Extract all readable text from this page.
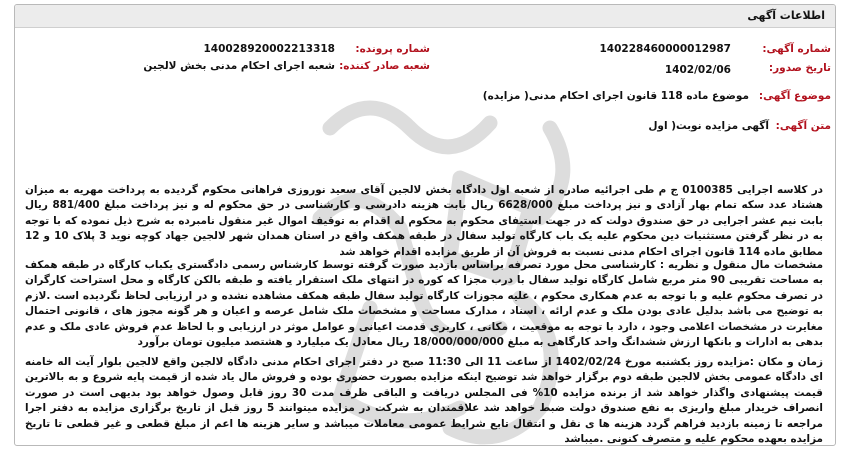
اطلاعات آگهی
شماره آگهی:
140228460000012987
شماره پرونده:
140028920002213318
تاریخ صدور:
1402/02/06
شعبه صادر کننده:
شعبه اجرای احکام مدنی بخش لالجین
موضوع آگهی:
موضوع ماده 118 قانون اجرای احکام مدنی( مزایده)
متن آگهی:
آگهی مزایده نوبت( اول

در کلاسه اجرایی 0100385 ج م طی اجرائیه صادره از شعبه اول دادگاه بخش لالجین آقای سعید نوروزی فراهانی محکوم گردیده به پرداخت مهریه به میزان هشتاد عدد سکه تمام بهار آزادی و نیز پرداخت مبلغ 6628/000 ریال بابت هزینه دادرسی و کارشناسی در حق محکوم له و نیز پرداخت مبلغ 881/400 ریال بابت نیم عشر اجرایی در حق صندوق دولت که در جهت استیفای محکوم به محکوم له اقدام به توقیف اموال غیر منقول نامبرده به شرح ذیل نموده که با توجه به در نظر گرفتن مستثنیات دین محکوم علیه یک باب کارگاه تولید سفال در طبقه همکف واقع در استان همدان شهر لالجین جهاد کوچه نوید 3 پلاک 10 و 12 مطابق ماده 114 قانون اجرای احکام مدنی نسبت به فروش آن از طریق مزایده اقدام خواهد شد

مشخصات مال منقول و نظریه : کارشناسی محل مورد تصرفه براساس بازدید صورت گرفته توسط کارشناس رسمی دادگستری یکباب کارگاه در طبقه همکف به مساحت تقریبی 90 متر مربع شامل کارگاه تولید سفال با درب مجزا که کوره در انتهای ملک استقرار یافته و طبقه بالکن کارگاه و محل استراحت کارگران در تصرف محکوم علیه و با توجه به عدم همکاری محکوم ، علیه مجوزات کارگاه تولید سفال طبقه همکف مشاهده نشده و در ارزیابی لحاظ نگردیده است .لازم به توضیح می باشد بدلیل عادی بودن ملک و عدم ارائه ، اسناد ، مدارک مساحت و مشخصات ملک شامل عرصه و اعیان و هر گونه مجوز های ، قانونی احتمال مغایرت در مشخصات اعلامی وجود ، دارد با توجه به موقعیت ، مکانی ، کاربری قدمت اعیانی و عوامل موثر در ارزیابی و با لحاظ عدم فروش عادی ملک و عدم بدهی به ادارات و بانکها ارزش ششدانگ واحد کارگاهی به مبلغ 18/000/000/000 ریال معادل یک میلیارد و هشتصد میلیون تومان برآورد

زمان و مکان :مزایده روز یکشنبه مورخ 1402/02/24 از ساعت 11 الی 11:30 صبح در دفتر اجرای احکام مدنی دادگاه لالجین واقع لالجین بلوار آیت اله خامنه ای دادگاه عمومی بخش لالجین طبقه دوم برگزار خواهد شد توضیح اینکه مزایده بصورت حضوری بوده و فروش مال یاد شده از قیمت پایه شروع و به بالاترین قیمت پیشنهادی واگذار خواهد شد از برنده مزایده 10% فی المجلس دریافت و الباقی ظرف مدت 30 روز قابل وصول خواهد بود بدیهی است در صورت انصراف خریدار مبلغ واریزی به نفع صندوق دولت ضبط خواهد شد علاقمندان به شرکت در مزایده میتوانند 5 روز قبل از تاریخ برگزاری مزایده به دفتر اجرا مراجعه تا زمینه بازدید فراهم گردد هزینه ها ی نقل و انتقال تابع شرایط عمومی معاملات میباشد و سایر هزینه ها اعم از مبلغ قطعی و غیر قطعی تا تاریخ مزایده بعهده محکوم علیه و متصرف کنونی .میباشد
